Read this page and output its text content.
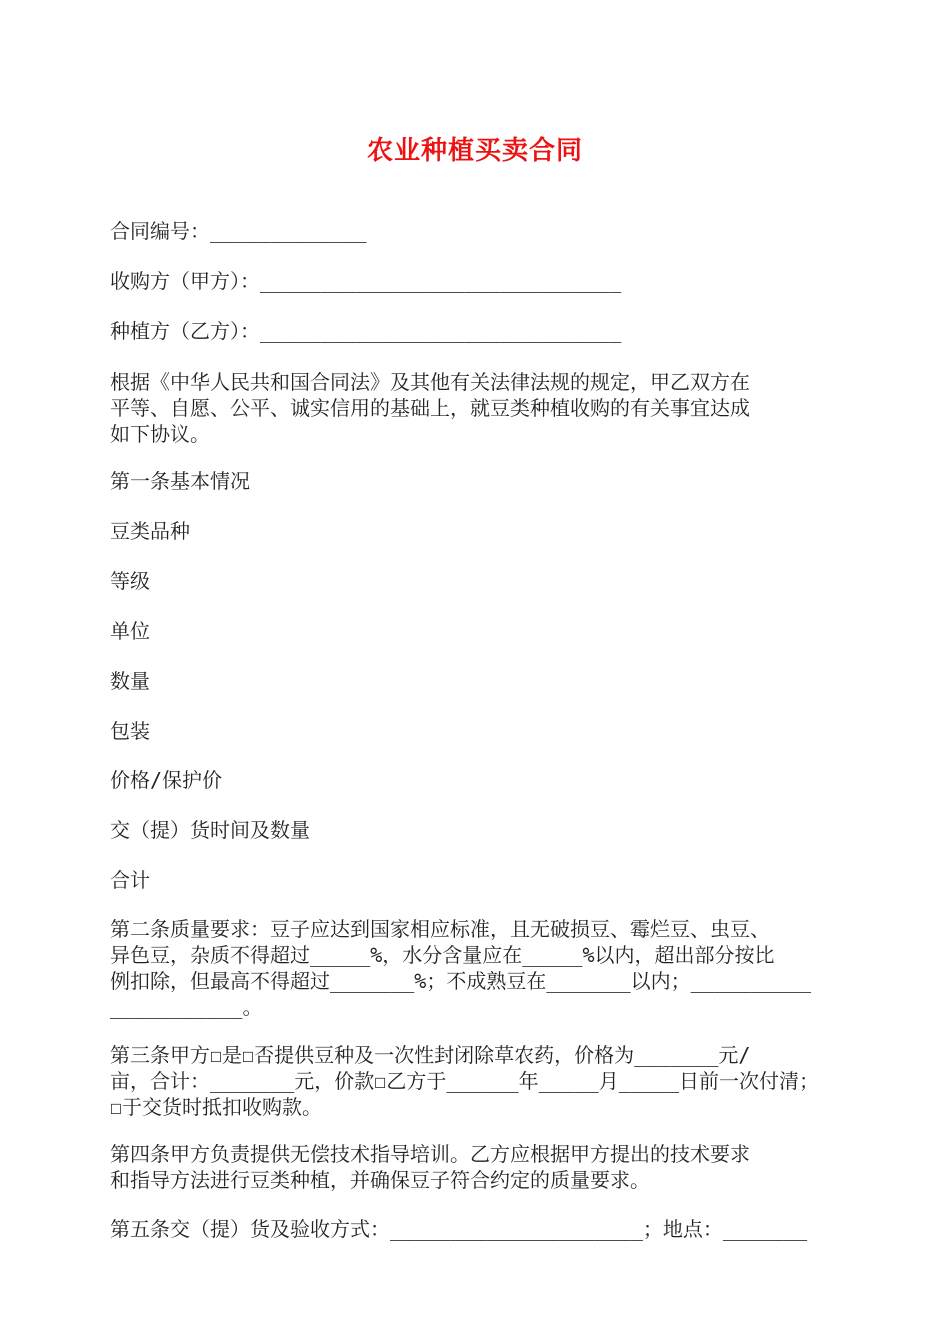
农业种植买卖合同
合同编号：_____________
收购方（甲方）：______________________________
种植方（乙方）：______________________________
根据《中华人民共和国合同法》及其他有关法律法规的规定，甲乙双方在
平等、自愿、公平、诚实信用的基础上，就豆类种植收购的有关事宜达成
如下协议。
第一条基本情况
豆类品种
等级
单位
数量
包装
价格/保护价
交（提）货时间及数量
合计
第二条质量要求：豆子应达到国家相应标准，且无破损豆、霉烂豆、虫豆、
异色豆，杂质不得超过_____%，水分含量应在_____%以内，超出部分按比
例扣除，但最高不得超过_______%；不成熟豆在_______以内；__________
___________。
第三条甲方☐是☐否提供豆种及一次性封闭除草农药，价格为_______元/
亩，合计：_______元，价款☐乙方于______年_____月_____日前一次付清；
☐于交货时抵扣收购款。
第四条甲方负责提供无偿技术指导培训。乙方应根据甲方提出的技术要求
和指导方法进行豆类种植，并确保豆子符合约定的质量要求。
第五条交（提）货及验收方式：_____________________；地点：_______
